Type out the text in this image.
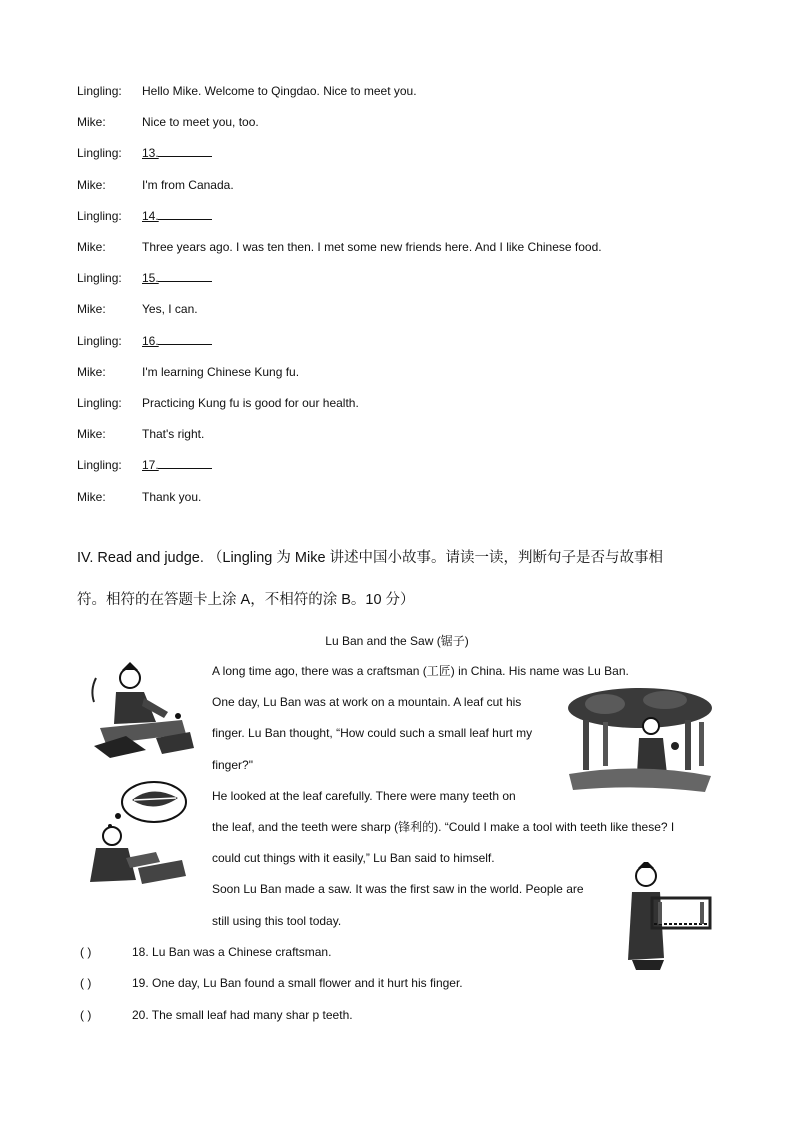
Lingling:	Hello Mike. Welcome to Qingdao. Nice to meet you.
Mike:	Nice to meet you, too.
Lingling:	13.
Mike:	I'm from Canada.
Lingling:	14.
Mike:	Three years ago. I was ten then. I met some new friends here. And I like Chinese food.
Lingling:	15.
Mike:	Yes, I can.
Lingling:	16.
Mike:	I'm learning Chinese Kung fu.
Lingling:	Practicing Kung fu is good for our health.
Mike:	That's right.
Lingling:	17.
Mike:	Thank you.
IV. Read and judge. （Lingling 为 Mike 讲述中国小故事。请读一读，判断句子是否与故事相
符。相符的在答题卡上涂 A，不相符的涂 B。10 分）
Lu Ban and the Saw (锯子)
A long time ago, there was a craftsman (工匠) in China. His name was Lu Ban.
One day, Lu Ban was at work on a mountain. A leaf cut his
finger. Lu Ban thought, “How could such a small leaf hurt my
finger?"
He looked at the leaf carefully. There were many teeth on
the leaf, and the teeth were sharp (锋利的). “Could I make a tool with teeth like these? I
could cut things with it easily,” Lu Ban said to himself.
Soon Lu Ban made a saw. It was the first saw in the world. People are
still using this tool today.
( )	18. Lu Ban was a Chinese craftsman.
( )	19. One day, Lu Ban found a small flower and it hurt his finger.
( )	20. The small leaf had many shar p teeth.
